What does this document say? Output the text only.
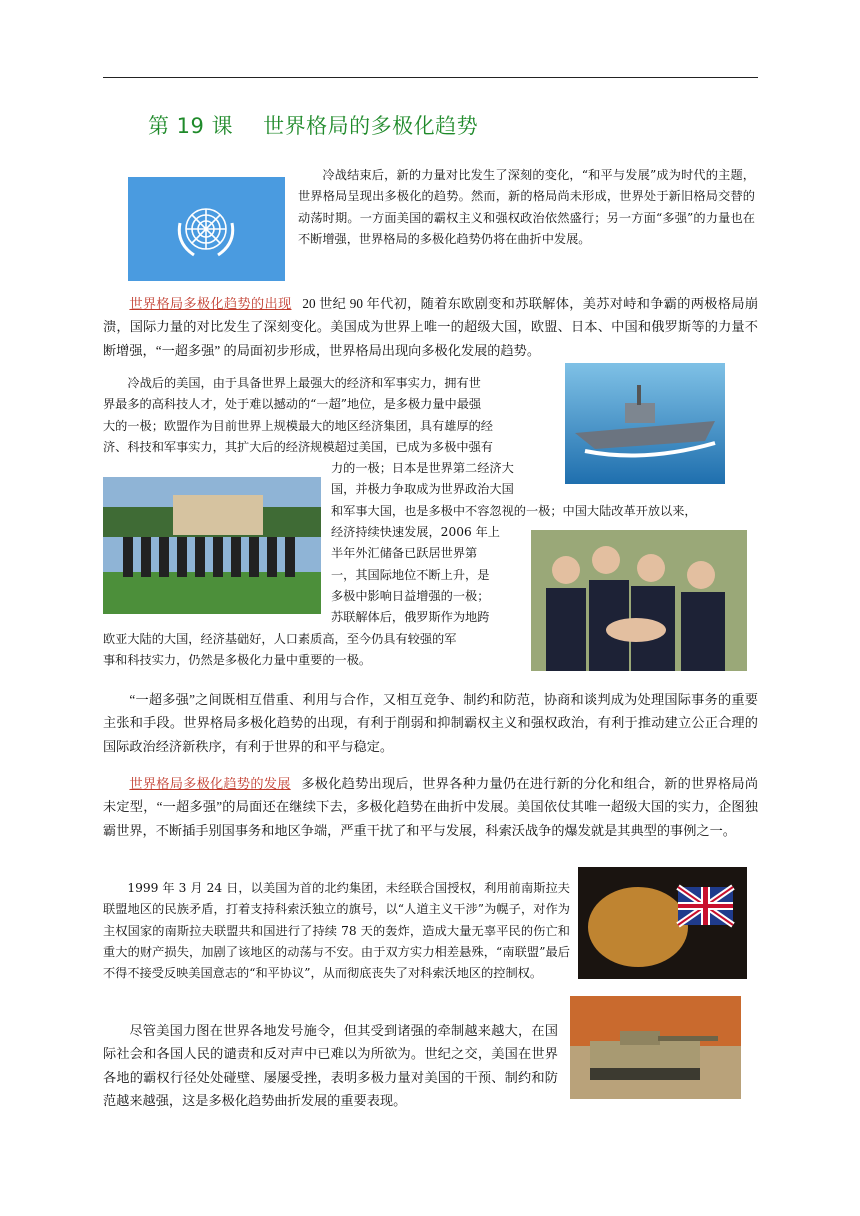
第 19 课 世界格局的多极化趋势
冷战结束后，新的力量对比发生了深刻的变化，“和平与发展”成为时代的主题，世界格局呈现出多极化的趋势。然而，新的格局尚未形成，世界处于新旧格局交替的动荡时期。一方面美国的霸权主义和强权政治依然盛行；另一方面“多强”的力量也在不断增强，世界格局的多极化趋势仍将在曲折中发展。
世界格局多极化趋势的出现 20 世纪 90 年代初，随着东欧剧变和苏联解体，美苏对峙和争霸的两极格局崩溃，国际力量的对比发生了深刻变化。美国成为世界上唯一的超级大国，欧盟、日本、中国和俄罗斯等的力量不断增强，“一超多强” 的局面初步形成，世界格局出现向多极化发展的趋势。
冷战后的美国，由于具备世界上最强大的经济和军事实力，拥有世
界最多的高科技人才，处于难以撼动的“一超”地位，是多极力量中最强
大的一极；欧盟作为目前世界上规模最大的地区经济集团，具有雄厚的经
济、科技和军事实力，其扩大后的经济规模超过美国，已成为多极中强有
力的一极；日本是世界第二经济大
国，并极力争取成为世界政治大国
和军事大国，也是多极中不容忽视的一极；中国大陆改革开放以来，
经济持续快速发展，2006 年上
半年外汇储备已跃居世界第
一，其国际地位不断上升，是
多极中影响日益增强的一极；
苏联解体后，俄罗斯作为地跨
欧亚大陆的大国，经济基础好，人口素质高，至今仍具有较强的军
事和科技实力，仍然是多极化力量中重要的一极。
“一超多强”之间既相互借重、利用与合作，又相互竞争、制约和防范，协商和谈判成为处理国际事务的重要主张和手段。世界格局多极化趋势的出现，有利于削弱和抑制霸权主义和强权政治，有利于推动建立公正合理的国际政治经济新秩序，有利于世界的和平与稳定。
世界格局多极化趋势的发展 多极化趋势出现后，世界各种力量仍在进行新的分化和组合，新的世界格局尚未定型，“一超多强”的局面还在继续下去，多极化趋势在曲折中发展。美国依仗其唯一超级大国的实力，企图独霸世界，不断插手别国事务和地区争端，严重干扰了和平与发展，科索沃战争的爆发就是其典型的事例之一。
1999 年 3 月 24 日，以美国为首的北约集团，未经联合国授权，利用前南斯拉夫联盟地区的民族矛盾，打着支持科索沃独立的旗号，以“人道主义干涉”为幌子，对作为主权国家的南斯拉夫联盟共和国进行了持续 78 天的轰炸，造成大量无辜平民的伤亡和重大的财产损失，加剧了该地区的动荡与不安。由于双方实力相差悬殊，“南联盟”最后不得不接受反映美国意志的“和平协议”，从而彻底丧失了对科索沃地区的控制权。
尽管美国力图在世界各地发号施令，但其受到诸强的牵制越来越大，在国际社会和各国人民的谴责和反对声中已难以为所欲为。世纪之交，美国在世界各地的霸权行径处处碰壁、屡屡受挫，表明多极力量对美国的干预、制约和防范越来越强，这是多极化趋势曲折发展的重要表现。
